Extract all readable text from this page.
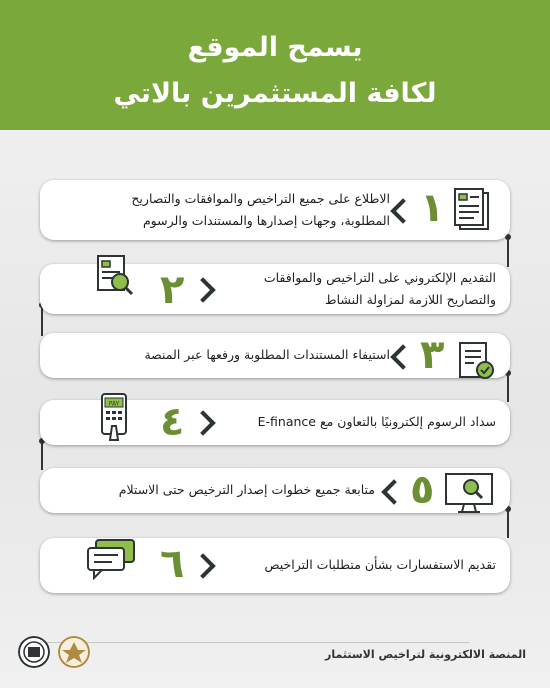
يسمح الموقع
لكافة المستثمرين بالاتي
الاطلاع على جميع التراخيص والموافقات والتصاريح
المطلوبة، وجهات إصدارها والمستندات والرسوم ١
٢	التقديم الإلكتروني على التراخيص والموافقات
والتصاريح اللازمة لمزاولة النشاط
استيفاء المستندات المطلوبة ورفعها عبر المنصة ٣
PAY ٤	سداد الرسوم إلكترونيًا بالتعاون مع E-finance
متابعة جميع خطوات إصدار الترخيص حتى الاستلام ٥
٦	تقديم الاستفسارات بشأن متطلبات التراخيص
المنصة الالكترونية لتراخيص الاستثمار
